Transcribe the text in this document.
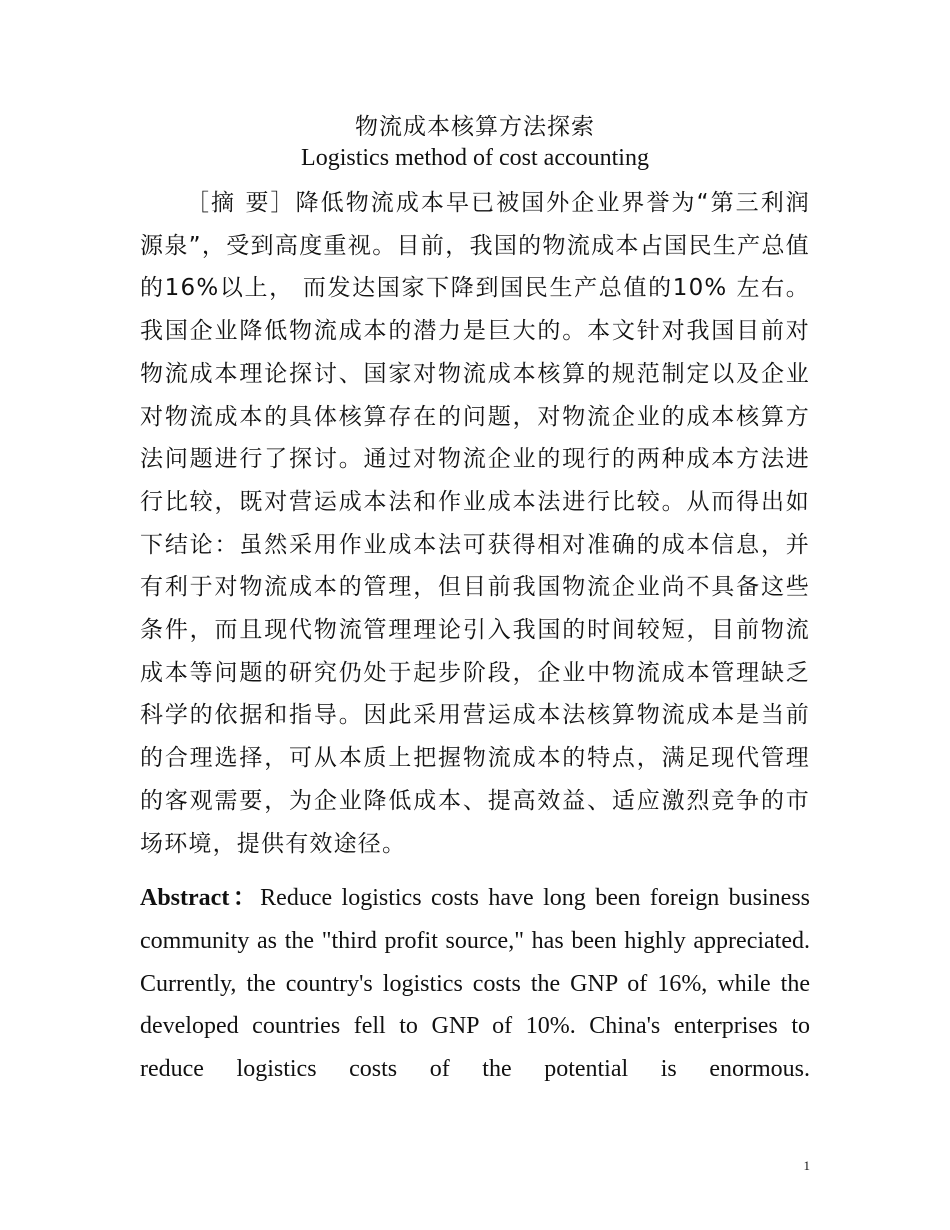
物流成本核算方法探索
Logistics method of cost accounting

［摘 要］降低物流成本早已被国外企业界誉为“第三利润源泉”，受到高度重视。目前，我国的物流成本占国民生产总值的16%以上， 而发达国家下降到国民生产总值的10% 左右。我国企业降低物流成本的潜力是巨大的。本文针对我国目前对物流成本理论探讨、国家对物流成本核算的规范制定以及企业对物流成本的具体核算存在的问题，对物流企业的成本核算方法问题进行了探讨。通过对物流企业的现行的两种成本方法进行比较，既对营运成本法和作业成本法进行比较。从而得出如下结论：虽然采用作业成本法可获得相对准确的成本信息，并有利于对物流成本的管理，但目前我国物流企业尚不具备这些条件，而且现代物流管理理论引入我国的时间较短，目前物流成本等问题的研究仍处于起步阶段，企业中物流成本管理缺乏科学的依据和指导。因此采用营运成本法核算物流成本是当前的合理选择，可从本质上把握物流成本的特点，满足现代管理的客观需要，为企业降低成本、提高效益、适应激烈竞争的市场环境，提供有效途径。

Abstract：Reduce logistics costs have long been foreign business community as the "third profit source," has been highly appreciated. Currently, the country's logistics costs the GNP of 16%, while the developed countries fell to GNP of 10%. China's enterprises to reduce logistics costs of the potential is enormous.

1
